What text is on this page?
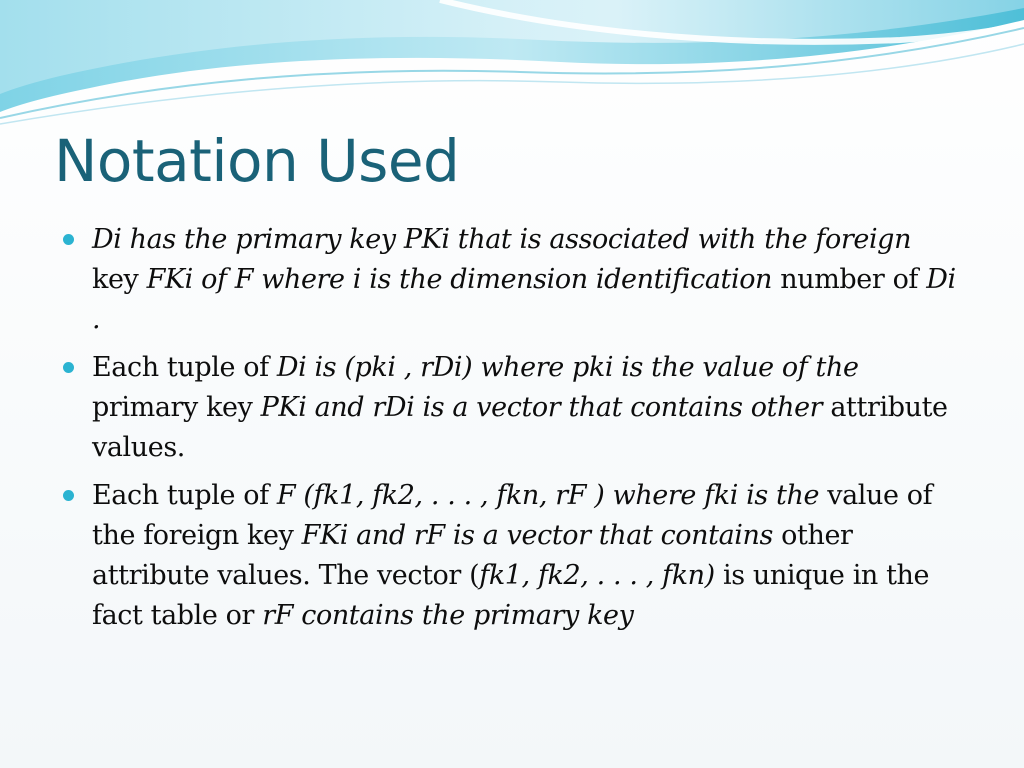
Notation Used
Di has the primary key PKi that is associated with the foreign key FKi of F where i is the dimension identification number of Di .
Each tuple of Di is (pki , rDi) where pki is the value of the primary key PKi and rDi is a vector that contains other attribute values.
Each tuple of F (fk1, fk2, . . . , fkn, rF ) where fki is the value of the foreign key FKi and rF is a vector that contains other attribute values. The vector (fk1, fk2, . . . , fkn) is unique in the fact table or rF contains the primary key
